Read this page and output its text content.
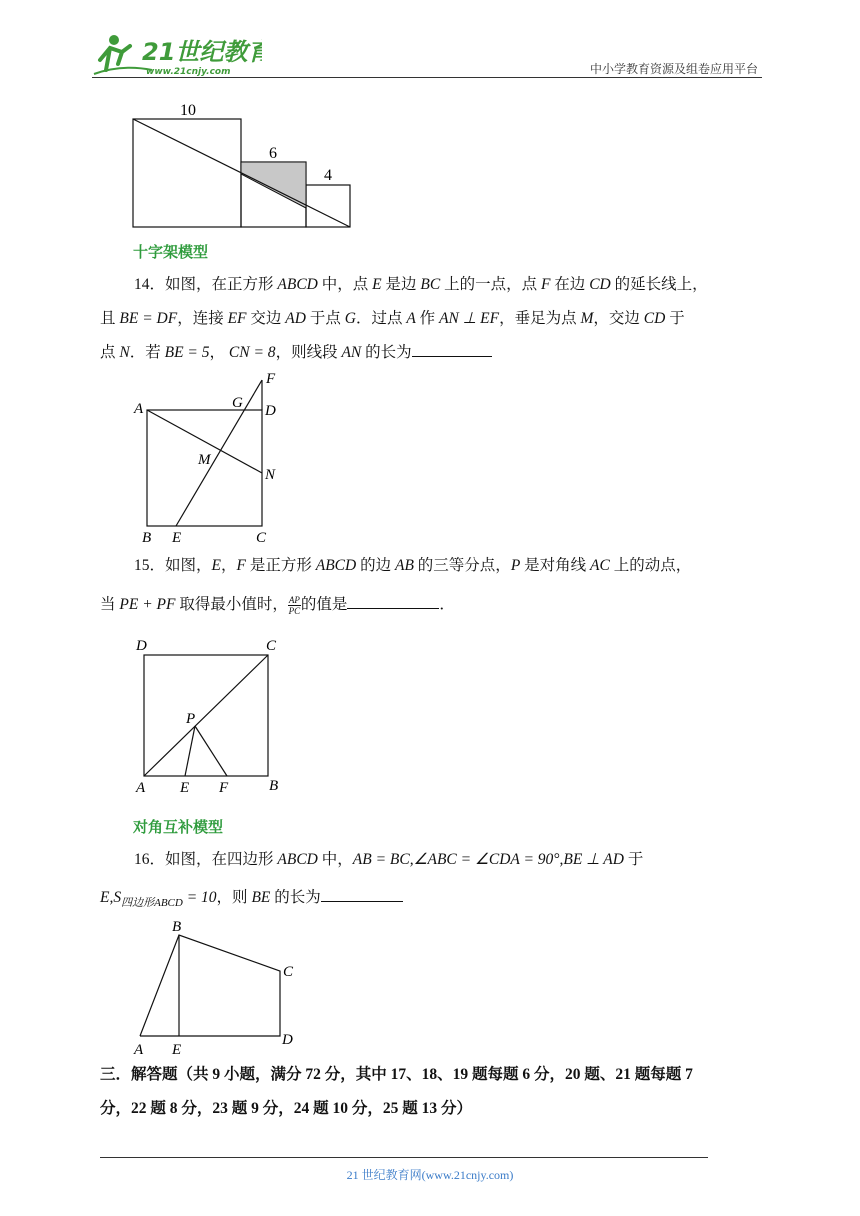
21世纪教育
www.21cnjy.com	中小学教育资源及组卷应用平台
10
6
4
十字架模型
14．如图，在正方形 ABCD 中，点 E 是边 BC 上的一点，点 F 在边 CD 的延长线上，
且 BE = DF，连接 EF 交边 AD 于点 G．过点 A 作 AN ⊥ EF，垂足为点 M，交边 CD 于
点 N．若 BE = 5， CN = 8，则线段 AN 的长为
A	G D
F
M
N
B E	C
15．如图，E，F 是正方形 ABCD 的边 AB 的三等分点，P 是对角线 AC 上的动点，
当 PE + PF 取得最小值时， $\frac{AP}{PC}$ 的值是	．
D	C
P
A E F	B
对角互补模型
16．如图，在四边形 ABCD 中，AB = BC,∠ABC = ∠CDA = 90°,BE ⊥ AD 于
$E,S_{四边形ABCD} = 10$，则 BE 的长为
B
C
A E
D
三．解答题（共 9 小题，满分 72 分，其中 17、18、19 题每题 6 分，20 题、21 题每题 7
分，22 题 8 分，23 题 9 分，24 题 10 分，25 题 13 分）
21 世纪教育网(www.21cnjy.com)
